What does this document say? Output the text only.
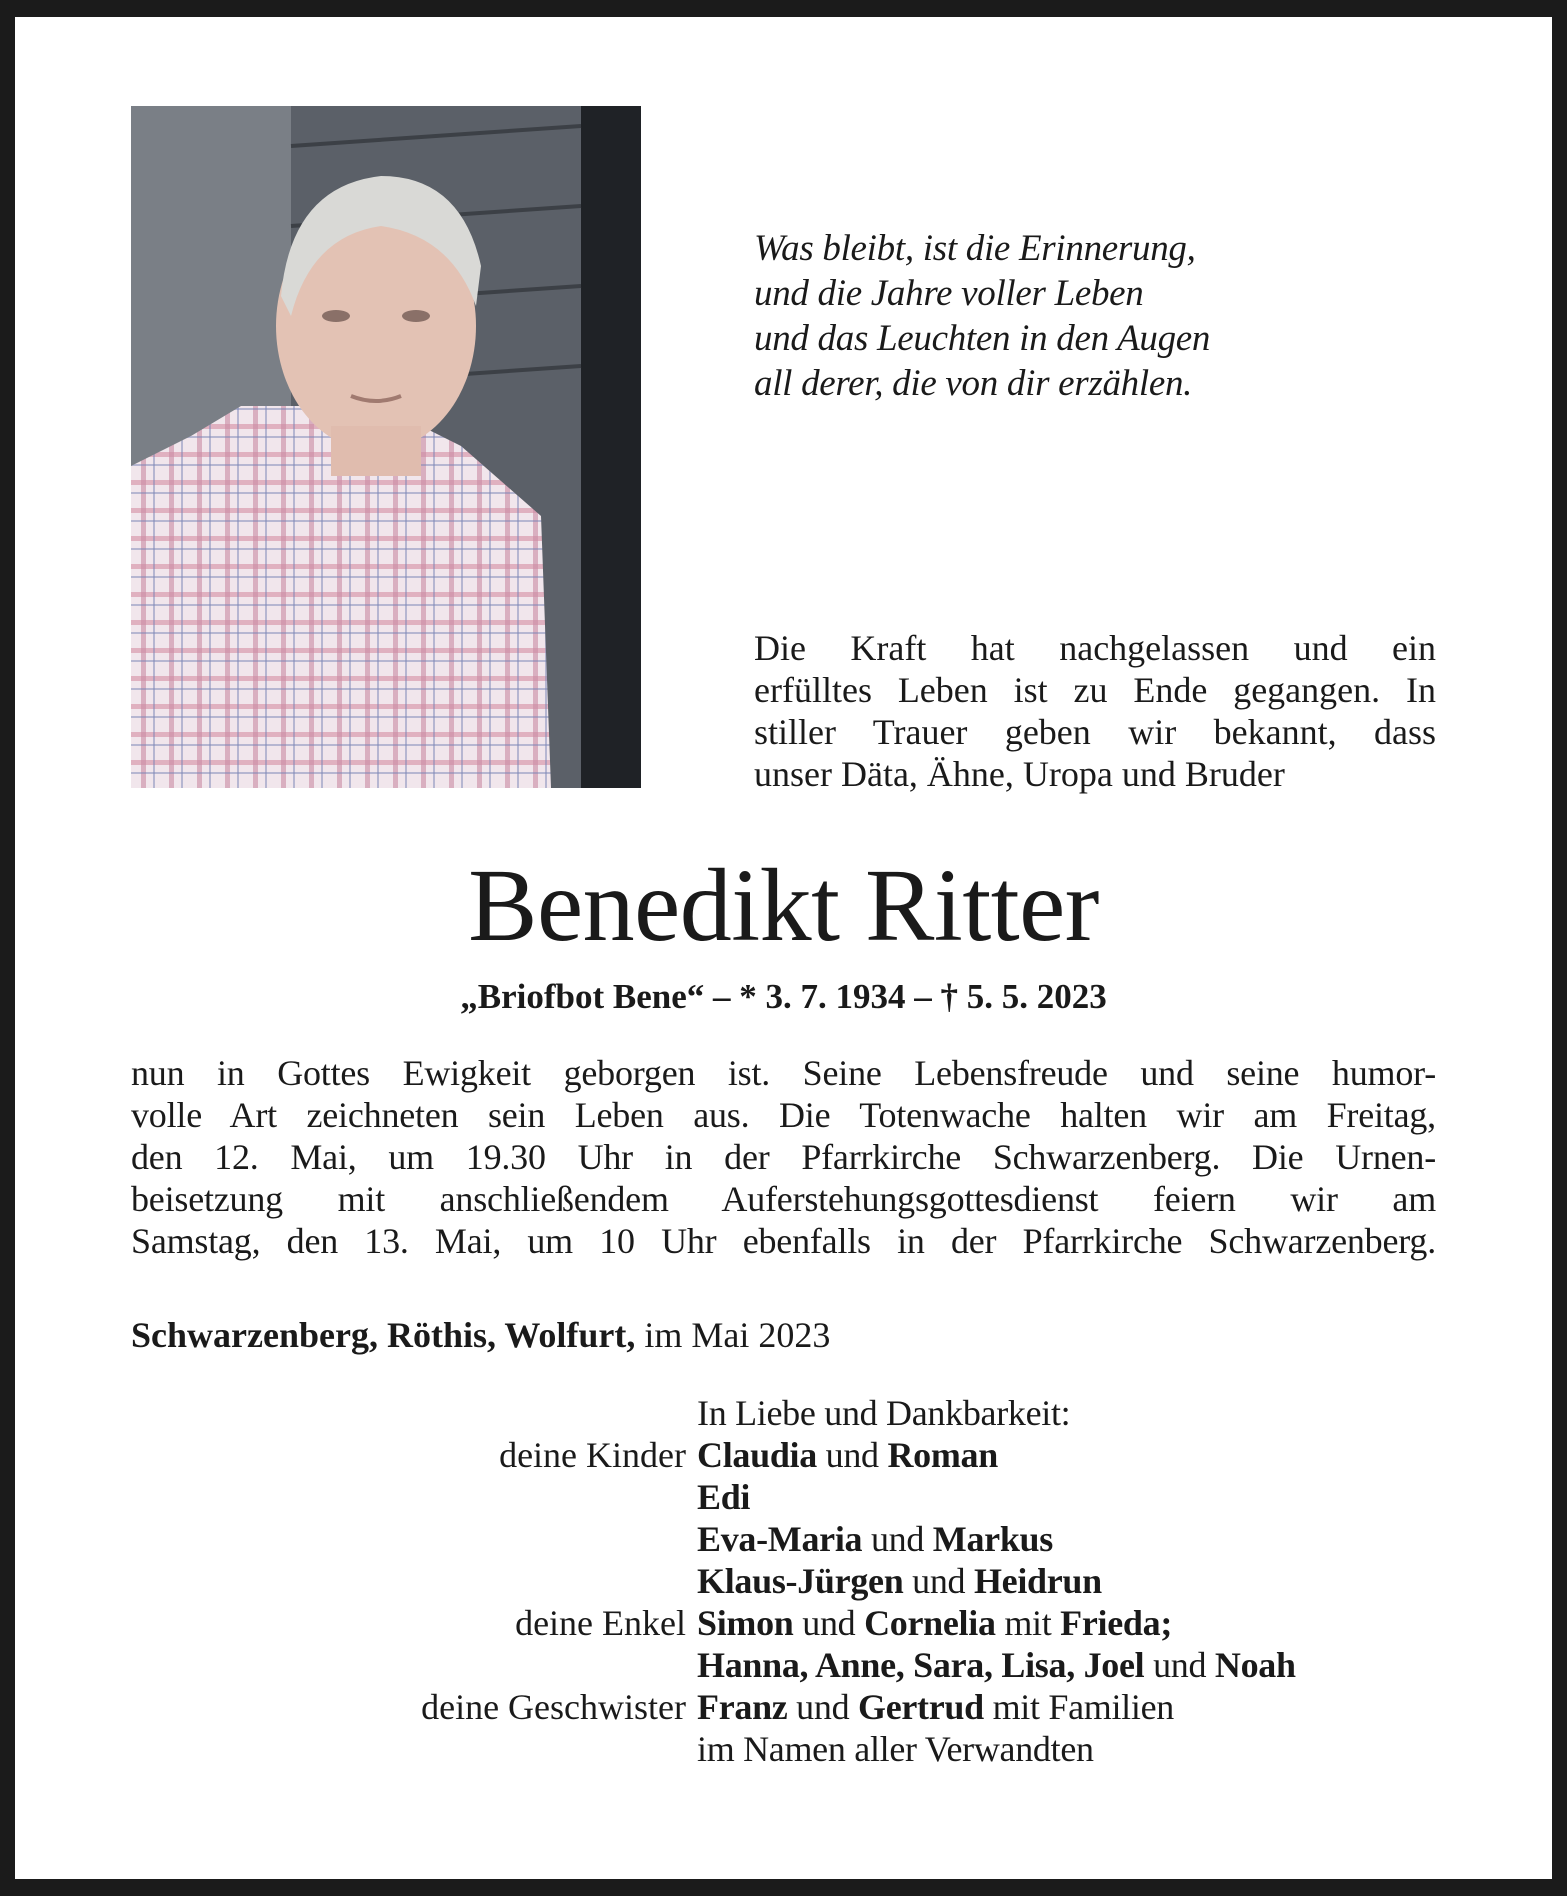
Was bleibt, ist die Erinnerung,
und die Jahre voller Leben
und das Leuchten in den Augen
all derer, die von dir erzählen.
Die Kraft hat nachgelassen und ein
erfülltes Leben ist zu Ende gegangen. In
stiller Trauer geben wir bekannt, dass
unser Däta, Ähne, Uropa und Bruder
Benedikt Ritter
„Briofbot Bene“ – * 3. 7. 1934 – † 5. 5. 2023
nun in Gottes Ewigkeit geborgen ist. Seine Lebensfreude und seine humor-
volle Art zeichneten sein Leben aus. Die Totenwache halten wir am Freitag,
den 12. Mai, um 19.30 Uhr in der Pfarrkirche Schwarzenberg. Die Urnen-
beisetzung mit anschließendem Auferstehungsgottesdienst feiern wir am
Samstag, den 13. Mai, um 10 Uhr ebenfalls in der Pfarrkirche Schwarzenberg.
Schwarzenberg, Röthis, Wolfurt, im Mai 2023
In Liebe und Dankbarkeit:
deine Kinder Claudia und Roman
Edi
Eva-Maria und Markus
Klaus-Jürgen und Heidrun
deine Enkel Simon und Cornelia mit Frieda;
Hanna, Anne, Sara, Lisa, Joel und Noah
deine Geschwister Franz und Gertrud mit Familien
im Namen aller Verwandten
